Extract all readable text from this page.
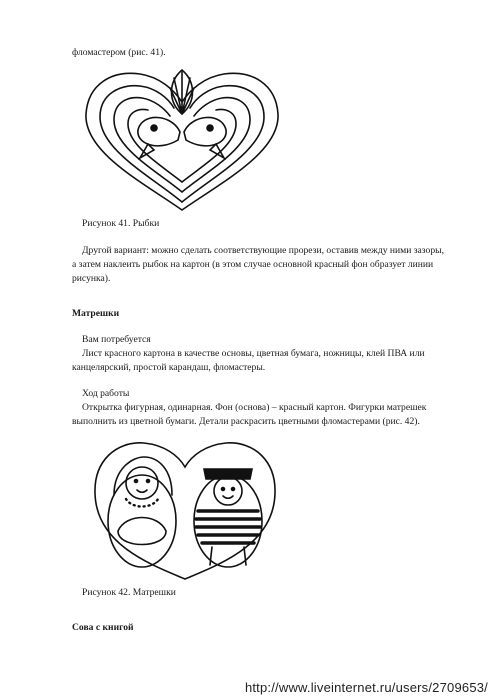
фломастером (рис. 41).
Рисунок 41. Рыбки
Другой вариант: можно сделать соответствующие прорези, оставив между ними зазоры,
а затем наклеить рыбок на картон (в этом случае основной красный фон образует линии
рисунка).
Матрешки
Вам потребуется
Лист красного картона в качестве основы, цветная бумага, ножницы, клей ПВА или
канцелярский, простой карандаш, фломастеры.
Ход работы
Открытка фигурная, одинарная. Фон (основа) – красный картон. Фигурки матрешек
выполнить из цветной бумаги. Детали раскрасить цветными фломастерами (рис. 42).
Рисунок 42. Матрешки
Сова с книгой
http://www.liveinternet.ru/users/2709653/
